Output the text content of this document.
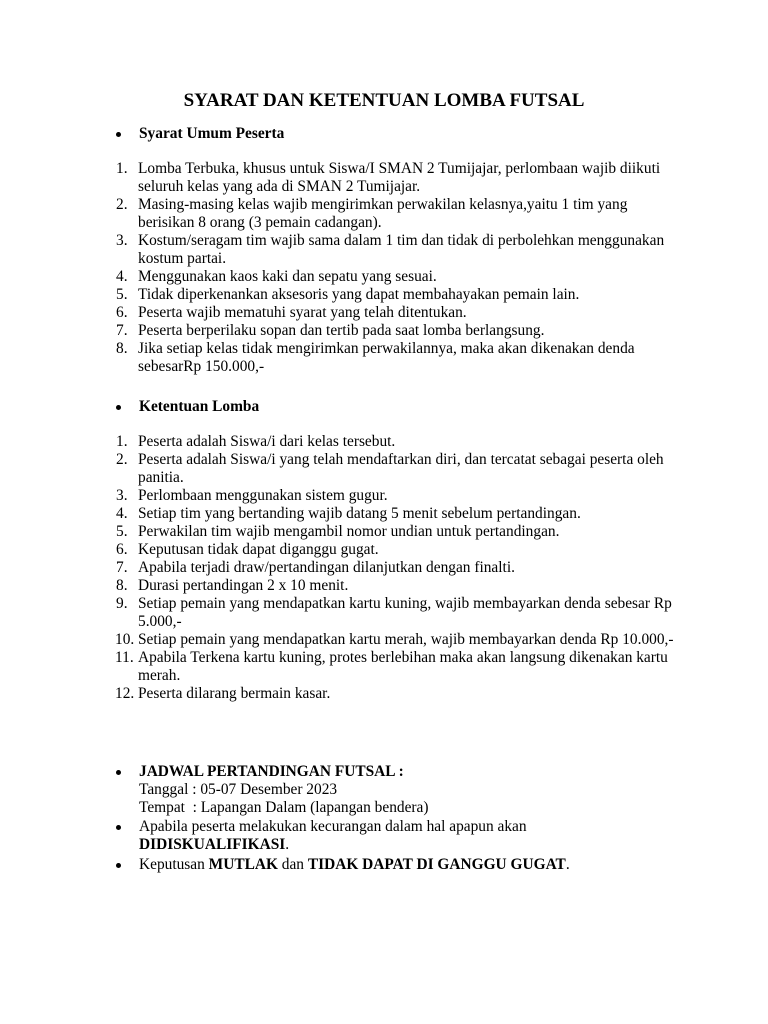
SYARAT DAN KETENTUAN LOMBA FUTSAL
Syarat Umum Peserta
1. Lomba Terbuka, khusus untuk Siswa/I SMAN 2 Tumijajar, perlombaan wajib diikuti seluruh kelas yang ada di SMAN 2 Tumijajar.
2. Masing-masing kelas wajib mengirimkan perwakilan kelasnya,yaitu 1 tim yang berisikan 8 orang (3 pemain cadangan).
3. Kostum/seragam tim wajib sama dalam 1 tim dan tidak di perbolehkan menggunakan kostum partai.
4. Menggunakan kaos kaki dan sepatu yang sesuai.
5. Tidak diperkenankan aksesoris yang dapat membahayakan pemain lain.
6. Peserta wajib mematuhi syarat yang telah ditentukan.
7. Peserta berperilaku sopan dan tertib pada saat lomba berlangsung.
8. Jika setiap kelas tidak mengirimkan perwakilannya, maka akan dikenakan denda sebesarRp 150.000,-
Ketentuan Lomba
1. Peserta adalah Siswa/i dari kelas tersebut.
2. Peserta adalah Siswa/i yang telah mendaftarkan diri, dan tercatat sebagai peserta oleh panitia.
3. Perlombaan menggunakan sistem gugur.
4. Setiap tim yang bertanding wajib datang 5 menit sebelum pertandingan.
5. Perwakilan tim wajib mengambil nomor undian untuk pertandingan.
6. Keputusan tidak dapat diganggu gugat.
7. Apabila terjadi draw/pertandingan dilanjutkan dengan finalti.
8. Durasi pertandingan 2 x 10 menit.
9. Setiap pemain yang mendapatkan kartu kuning, wajib membayarkan denda sebesar Rp 5.000,-
10. Setiap pemain yang mendapatkan kartu merah, wajib membayarkan denda Rp 10.000,-
11. Apabila Terkena kartu kuning, protes berlebihan maka akan langsung dikenakan kartu merah.
12. Peserta dilarang bermain kasar.
JADWAL PERTANDINGAN FUTSAL :
Tanggal : 05-07 Desember 2023
Tempat  : Lapangan Dalam (lapangan bendera)
Apabila peserta melakukan kecurangan dalam hal apapun akan
DIDISKUALIFIKASI.
Keputusan MUTLAK dan TIDAK DAPAT DI GANGGU GUGAT.
